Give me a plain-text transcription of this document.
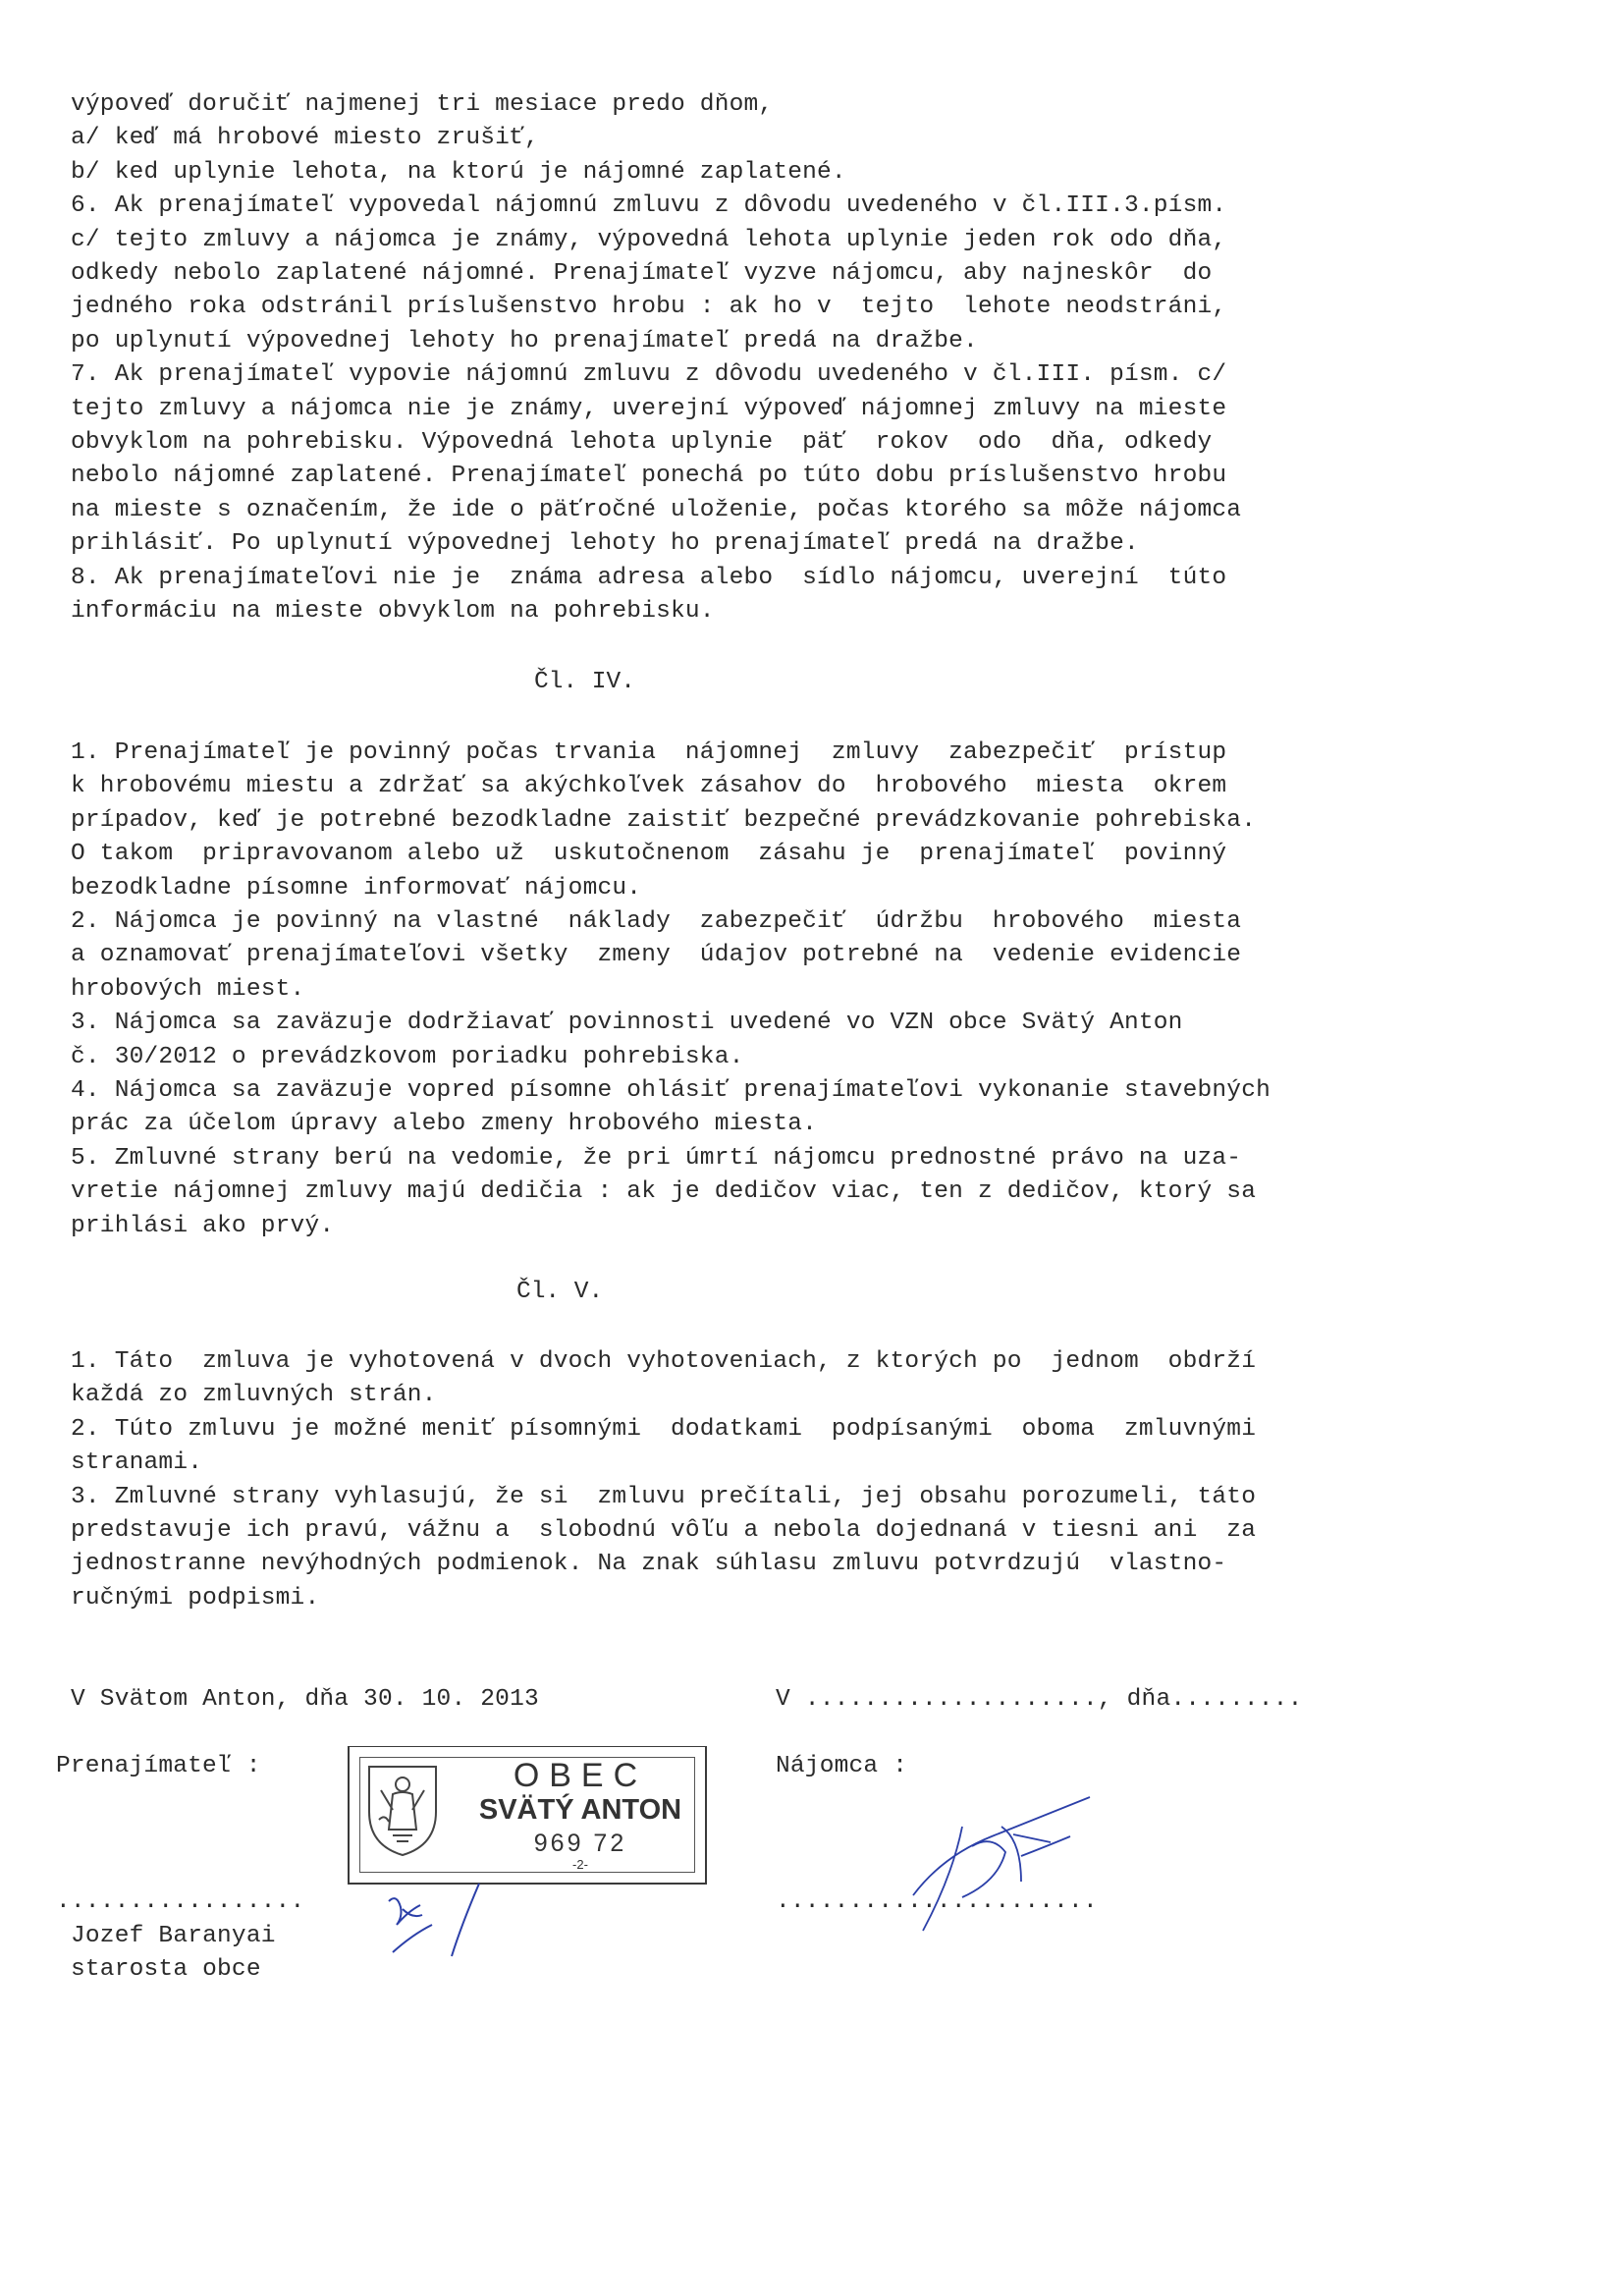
výpoveď doručiť najmenej tri mesiace predo dňom,
a/ keď má hrobové miesto zrušiť,
b/ ked uplynie lehota, na ktorú je nájomné zaplatené.
6. Ak prenajímateľ vypovedal nájomnú zmluvu z dôvodu uvedeného v čl.III.3.písm.
c/ tejto zmluvy a nájomca je známy, výpovedná lehota uplynie jeden rok odo dňa,
odkedy nebolo zaplatené nájomné. Prenajímateľ vyzve nájomcu, aby najneskôr  do
jedného roka odstránil príslušenstvo hrobu : ak ho v  tejto  lehote neodstráni,
po uplynutí výpovednej lehoty ho prenajímateľ predá na dražbe.
7. Ak prenajímateľ vypovie nájomnú zmluvu z dôvodu uvedeného v čl.III. písm. c/
tejto zmluvy a nájomca nie je známy, uverejní výpoveď nájomnej zmluvy na mieste
obvyklom na pohrebisku. Výpovedná lehota uplynie  päť  rokov  odo  dňa, odkedy
nebolo nájomné zaplatené. Prenajímateľ ponechá po túto dobu príslušenstvo hrobu
na mieste s označením, že ide o päťročné uloženie, počas ktorého sa môže nájomca
prihlásiť. Po uplynutí výpovednej lehoty ho prenajímateľ predá na dražbe.
8. Ak prenajímateľovi nie je  známa adresa alebo  sídlo nájomcu, uverejní  túto
informáciu na mieste obvyklom na pohrebisku.
Čl. IV.
1. Prenajímateľ je povinný počas trvania  nájomnej  zmluvy  zabezpečiť  prístup
k hrobovému miestu a zdržať sa akýchkoľvek zásahov do  hrobového  miesta  okrem
prípadov, keď je potrebné bezodkladne zaistiť bezpečné prevádzkovanie pohrebiska.
O takom  pripravovanom alebo už  uskutočnenom  zásahu je  prenajímateľ  povinný
bezodkladne písomne informovať nájomcu.
2. Nájomca je povinný na vlastné  náklady  zabezpečiť  údržbu  hrobového  miesta
a oznamovať prenajímateľovi všetky  zmeny  údajov potrebné na  vedenie evidencie
hrobových miest.
3. Nájomca sa zaväzuje dodržiavať povinnosti uvedené vo VZN obce Svätý Anton
č. 30/2012 o prevádzkovom poriadku pohrebiska.
4. Nájomca sa zaväzuje vopred písomne ohlásiť prenajímateľovi vykonanie stavebných
prác za účelom úpravy alebo zmeny hrobového miesta.
5. Zmluvné strany berú na vedomie, že pri úmrtí nájomcu prednostné právo na uza-
vretie nájomnej zmluvy majú dedičia : ak je dedičov viac, ten z dedičov, ktorý sa
prihlási ako prvý.
Čl. V.
1. Táto  zmluva je vyhotovená v dvoch vyhotoveniach, z ktorých po  jednom  obdrží
každá zo zmluvných strán.
2. Túto zmluvu je možné meniť písomnými  dodatkami  podpísanými  oboma  zmluvnými
stranami.
3. Zmluvné strany vyhlasujú, že si  zmluvu prečítali, jej obsahu porozumeli, táto
predstavuje ich pravú, vážnu a  slobodnú vôľu a nebola dojednaná v tiesni ani  za
jednostranne nevýhodných podmienok. Na znak súhlasu zmluvu potvrdzujú  vlastno-
ručnými podpismi.
V Svätom Anton, dňa 30. 10. 2013	V ...................., dňa.........
Prenajímateľ :	Nájomca :
OBEC
SVÄTÝ ANTON
969 72
-2-
.................	......................
Jozef Baranyai
starosta obce
